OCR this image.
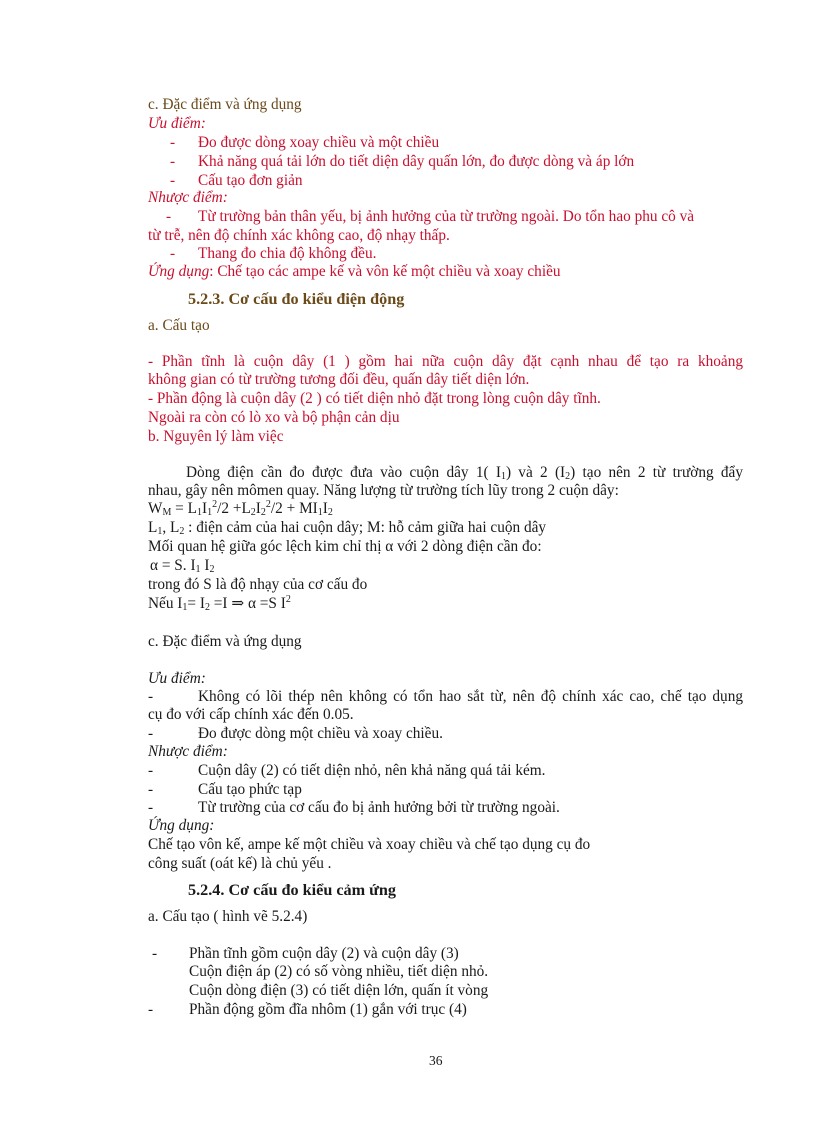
c. Đặc điểm và ứng dụng
Ưu điểm:
- Đo được dòng xoay chiều và một chiều
- Khả năng quá tải lớn do tiết diện dây quấn lớn, đo được dòng và áp lớn
- Cấu tạo đơn giản
Nhược điểm:
- Từ trường bản thân yếu, bị ảnh hưởng của từ trường ngoài. Do tổn hao phu cô và
từ trễ, nên độ chính xác không cao, độ nhạy thấp.
- Thang đo chia độ không đều.
Ứng dụng: Chế tạo các ampe kế và vôn kế một chiều và xoay chiều
5.2.3. Cơ cấu đo kiểu điện động
a. Cấu tạo
- Phần tĩnh là cuộn dây (1 ) gồm hai nữa cuộn dây đặt cạnh nhau để tạo ra khoảng
không gian có từ trường tương đối đều, quấn dây tiết diện lớn.
- Phần động là cuộn dây (2 ) có tiết diện nhỏ đặt trong lòng cuộn dây tĩnh.
Ngoài ra còn có lò xo và bộ phận cản dịu
b. Nguyên lý làm việc
Dòng điện cần đo được đưa vào cuộn dây 1( $I_1$) và 2 $(I_2)$ tạo nên 2 từ trường đẩy
nhau, gây nên mômen quay. Năng lượng từ trường tích lũy trong 2 cuộn dây:
$W_M = L_1I_1^2/2 +L_2I_2^2/2 + MI_1I_2$
$L_1$, $L_2$ : điện cảm của hai cuộn dây; M: hỗ cảm giữa hai cuộn dây
Mối quan hệ giữa góc lệch kim chỉ thị α với 2 dòng điện cần đo:
α = S. $I_1$ $I_2$
trong đó S là độ nhạy của cơ cấu đo
Nếu $I_1= I_2 =I$ ⇒ α =S $I^2$
c. Đặc điểm và ứng dụng
Ưu điểm:
-	Không có lõi thép nên không có tổn hao sắt từ, nên độ chính xác cao, chế tạo dụng
cụ đo với cấp chính xác đến 0.05.
-	Đo được dòng một chiều và xoay chiều.
Nhược điểm:
-	Cuộn dây (2) có tiết diện nhỏ, nên khả năng quá tải kém.
-	Cấu tạo phức tạp
-	Từ trường của cơ cấu đo bị ảnh hưởng bởi từ trường ngoài.
Ứng dụng:
Chế tạo vôn kế, ampe kế một chiều và xoay chiều và chế tạo dụng cụ đo
công suất (oát kế) là chủ yếu .
5.2.4. Cơ cấu đo kiểu cảm ứng
a. Cấu tạo ( hình vẽ 5.2.4)
- Phần tĩnh gồm cuộn dây (2) và cuộn dây (3)
Cuộn điện áp (2) có số vòng nhiều, tiết diện nhỏ.
Cuộn dòng điện (3) có tiết diện lớn, quấn ít vòng
- Phần động gồm đĩa nhôm (1) gắn với trục (4)
36
